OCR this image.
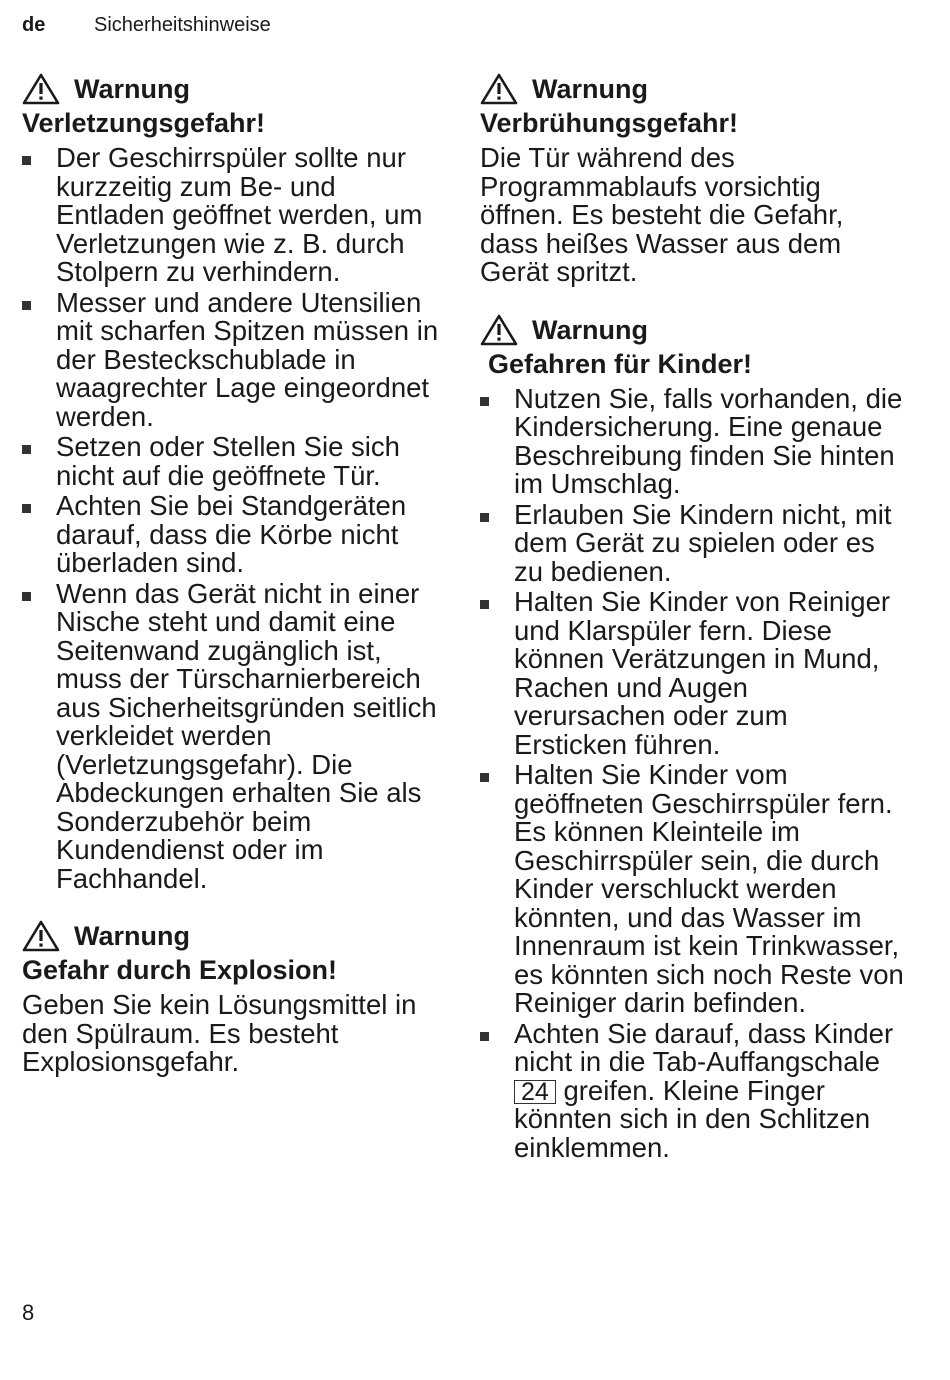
de	Sicherheitshinweise
Warnung
Verletzungsgefahr!
Der Geschirrspüler sollte nur kurzzeitig zum Be- und Entladen geöffnet werden, um Verletzungen wie z. B. durch Stolpern zu verhindern.
Messer und andere Utensilien mit scharfen Spitzen müssen in der Besteckschublade in waagrechter Lage eingeordnet werden.
Setzen oder Stellen Sie sich nicht auf die geöffnete Tür.
Achten Sie bei Standgeräten darauf, dass die Körbe nicht überladen sind.
Wenn das Gerät nicht in einer Nische steht und damit eine Seitenwand zugänglich ist, muss der Türscharnierbereich aus Sicherheitsgründen seitlich verkleidet werden (Verletzungsgefahr). Die Abdeckungen erhalten Sie als Sonderzubehör beim Kundendienst oder im Fachhandel.
Warnung
Gefahr durch Explosion!

Geben Sie kein Lösungsmittel in den Spülraum. Es besteht Explosionsgefahr.

Warnung
Verbrühungsgefahr!

Die Tür während des Programmablaufs vorsichtig öffnen. Es besteht die Gefahr, dass heißes Wasser aus dem Gerät spritzt.

Warnung
Gefahren für Kinder!
Nutzen Sie, falls vorhanden, die Kindersicherung. Eine genaue Beschreibung finden Sie hinten im Umschlag.
Erlauben Sie Kindern nicht, mit dem Gerät zu spielen oder es zu bedienen.
Halten Sie Kinder von Reiniger und Klarspüler fern. Diese können Verätzungen in Mund, Rachen und Augen verursachen oder zum Ersticken führen.
Halten Sie Kinder vom geöffneten Geschirrspüler fern. Es können Kleinteile im Geschirrspüler sein, die durch Kinder verschluckt werden könnten, und das Wasser im Innenraum ist kein Trinkwasser, es könnten sich noch Reste von Reiniger darin befinden.
Achten Sie darauf, dass Kinder nicht in die Tab-Auffangschale 24 greifen. Kleine Finger könnten sich in den Schlitzen einklemmen.
8
